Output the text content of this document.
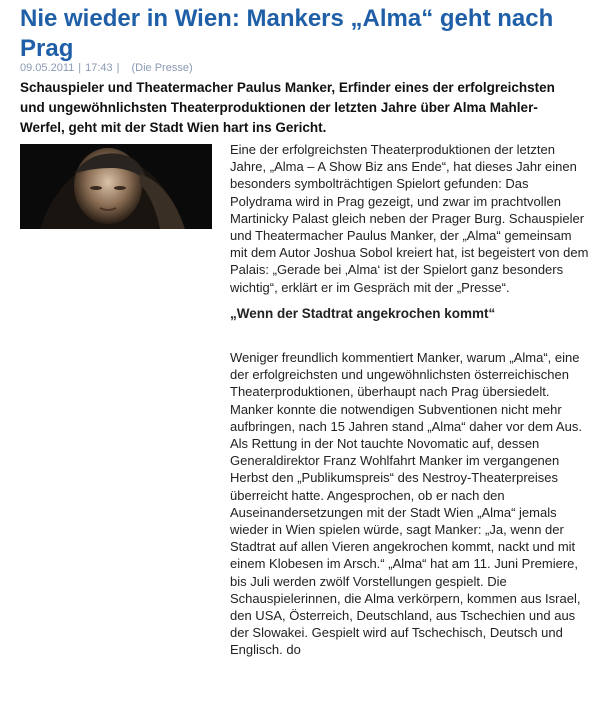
Nie wieder in Wien: Mankers „Alma“ geht nach Prag
09.05.2011 | 17:43 | (Die Presse)

Schauspieler und Theatermacher Paulus Manker, Erfinder eines der erfolgreichsten und ungewöhnlichsten Theaterproduktionen der letzten Jahre über Alma Mahler-Werfel, geht mit der Stadt Wien hart ins Gericht.

Eine der erfolgreichsten Theaterproduktionen der letzten Jahre, „Alma – A Show Biz ans Ende“, hat dieses Jahr einen besonders symbolträchtigen Spielort gefunden: Das Polydrama wird in Prag gezeigt, und zwar im prachtvollen Martinicky Palast gleich neben der Prager Burg. Schauspieler und Theatermacher Paulus Manker, der „Alma“ gemeinsam mit dem Autor Joshua Sobol kreiert hat, ist begeistert von dem Palais: „Gerade bei ‚Alma‘ ist der Spielort ganz besonders wichtig“, erklärt er im Gespräch mit der „Presse“.

„Wenn der Stadtrat angekrochen kommt“

Weniger freundlich kommentiert Manker, warum „Alma“, eine der erfolgreichsten und ungewöhnlichsten österreichischen Theaterproduktionen, überhaupt nach Prag übersiedelt. Manker konnte die notwendigen Subventionen nicht mehr aufbringen, nach 15 Jahren stand „Alma“ daher vor dem Aus. Als Rettung in der Not tauchte Novomatic auf, dessen Generaldirektor Franz Wohlfahrt Manker im vergangenen Herbst den „Publikumspreis“ des Nestroy-Theaterpreises überreicht hatte. Angesprochen, ob er nach den Auseinandersetzungen mit der Stadt Wien „Alma“ jemals wieder in Wien spielen würde, sagt Manker: „Ja, wenn der Stadtrat auf allen Vieren angekrochen kommt, nackt und mit einem Klobesen im Arsch.“ „Alma“ hat am 11. Juni Premiere, bis Juli werden zwölf Vorstellungen gespielt. Die Schauspielerinnen, die Alma verkörpern, kommen aus Israel, den USA, Österreich, Deutschland, aus Tschechien und aus der Slowakei. Gespielt wird auf Tschechisch, Deutsch und Englisch. do
